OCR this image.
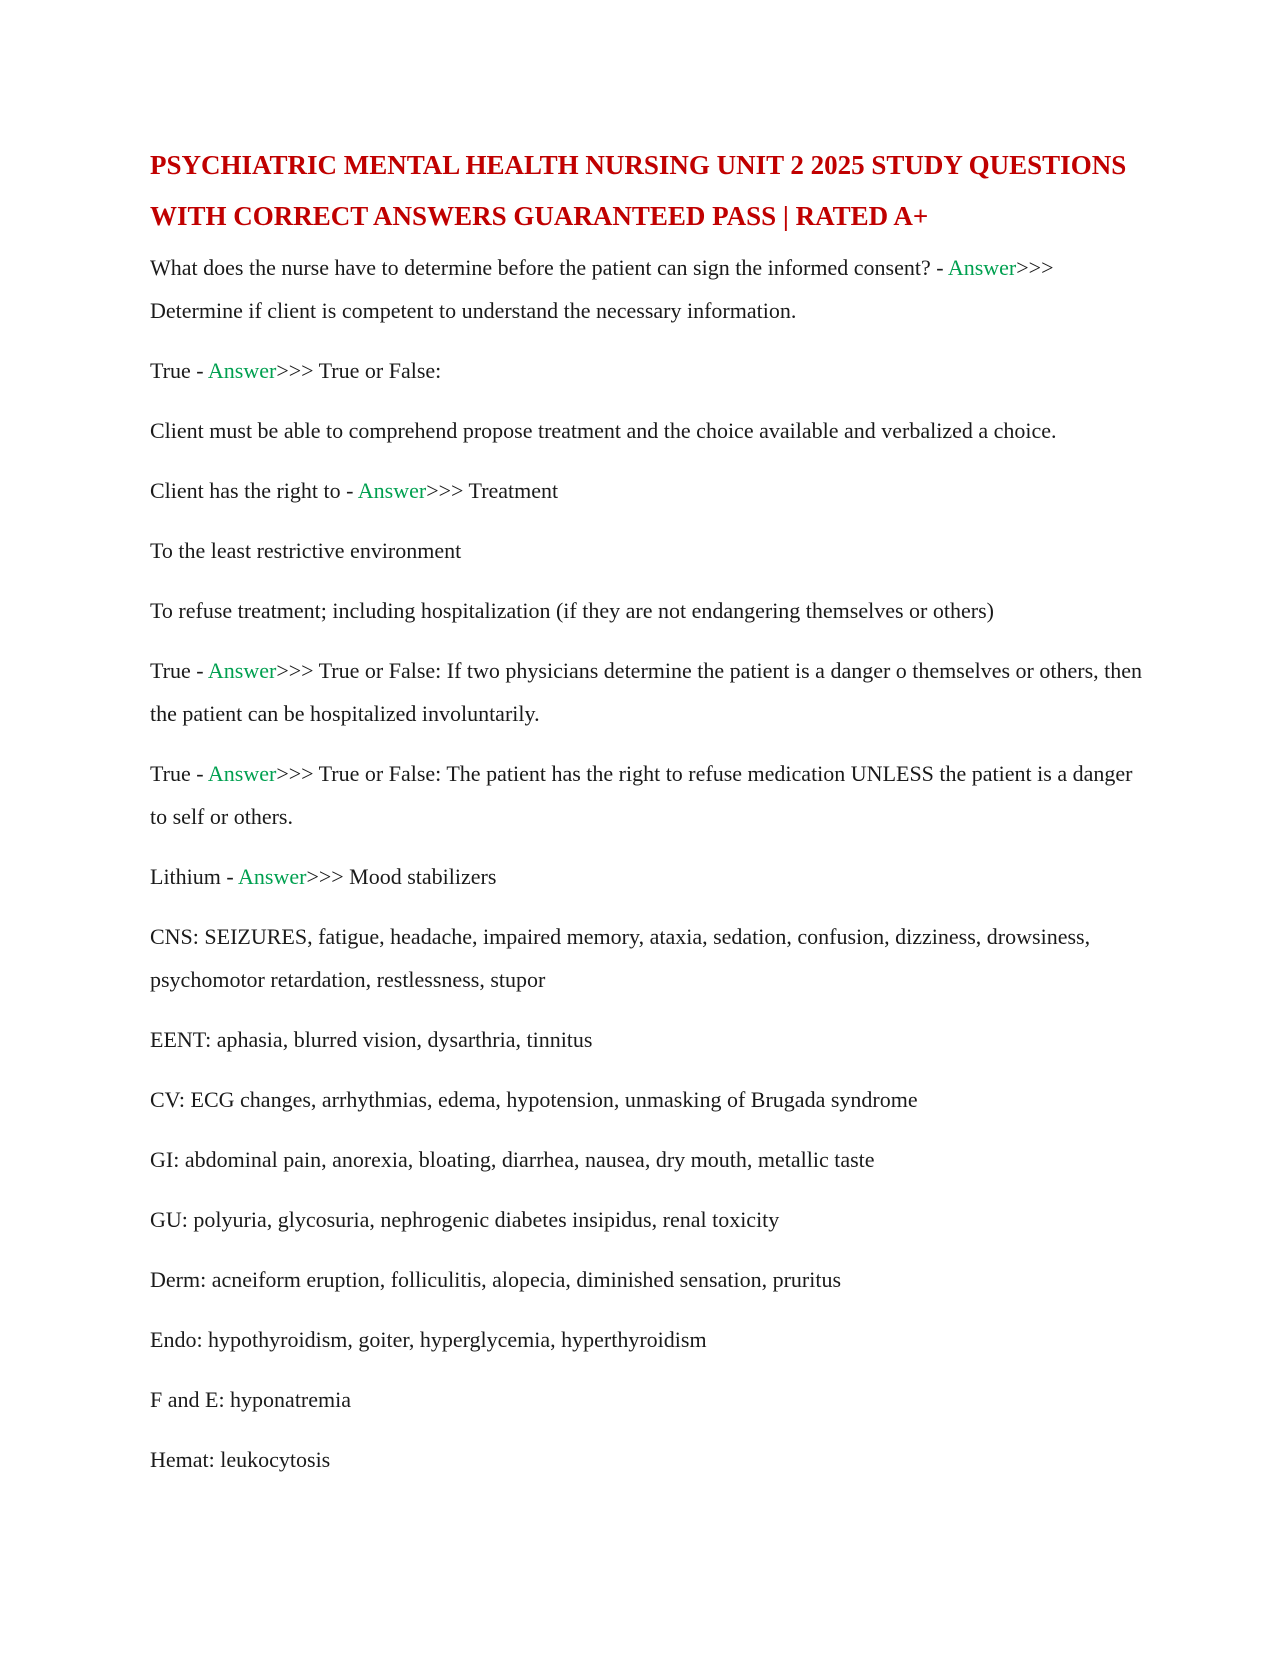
PSYCHIATRIC MENTAL HEALTH NURSING UNIT 2 2025 STUDY QUESTIONS WITH CORRECT ANSWERS GUARANTEED PASS | RATED A+

What does the nurse have to determine before the patient can sign the informed consent? - Answer>>> Determine if client is competent to understand the necessary information.

True - Answer>>> True or False:

Client must be able to comprehend propose treatment and the choice available and verbalized a choice.

Client has the right to - Answer>>> Treatment

To the least restrictive environment

To refuse treatment; including hospitalization (if they are not endangering themselves or others)

True - Answer>>> True or False: If two physicians determine the patient is a danger o themselves or others, then the patient can be hospitalized involuntarily.

True - Answer>>> True or False: The patient has the right to refuse medication UNLESS the patient is a danger to self or others.

Lithium - Answer>>> Mood stabilizers

CNS: SEIZURES, fatigue, headache, impaired memory, ataxia, sedation, confusion, dizziness, drowsiness, psychomotor retardation, restlessness, stupor

EENT: aphasia, blurred vision, dysarthria, tinnitus

CV: ECG changes, arrhythmias, edema, hypotension, unmasking of Brugada syndrome

GI: abdominal pain, anorexia, bloating, diarrhea, nausea, dry mouth, metallic taste

GU: polyuria, glycosuria, nephrogenic diabetes insipidus, renal toxicity

Derm: acneiform eruption, folliculitis, alopecia, diminished sensation, pruritus

Endo: hypothyroidism, goiter, hyperglycemia, hyperthyroidism

F and E: hyponatremia

Hemat: leukocytosis
